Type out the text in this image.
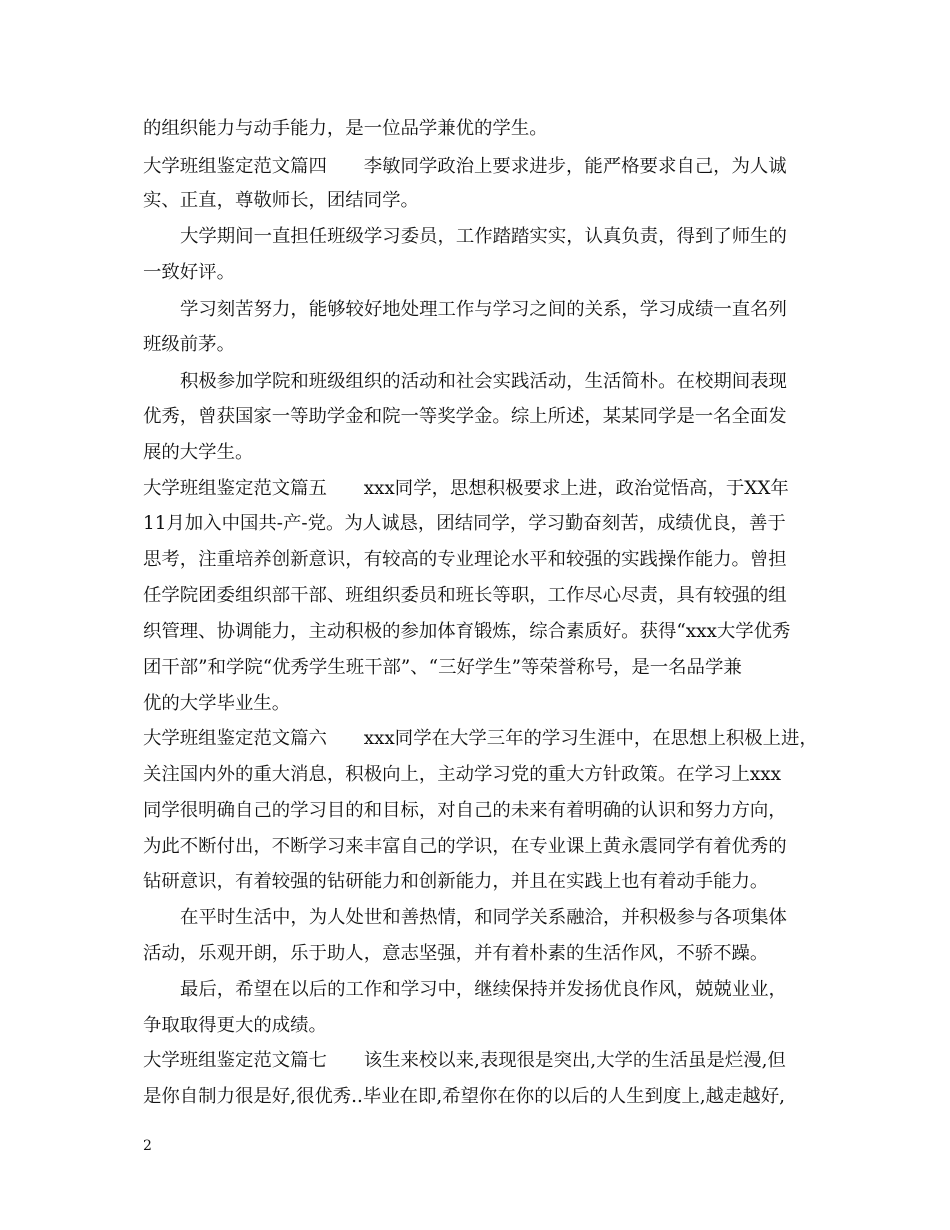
的组织能力与动手能力，是一位品学兼优的学生。
大学班组鉴定范文篇四　　李敏同学政治上要求进步，能严格要求自己，为人诚
实、正直，尊敬师长，团结同学。
大学期间一直担任班级学习委员，工作踏踏实实，认真负责，得到了师生的
一致好评。
学习刻苦努力，能够较好地处理工作与学习之间的关系，学习成绩一直名列
班级前茅。
积极参加学院和班级组织的活动和社会实践活动，生活简朴。在校期间表现
优秀，曾获国家一等助学金和院一等奖学金。综上所述，某某同学是一名全面发
展的大学生。
大学班组鉴定范文篇五　　xxx同学，思想积极要求上进，政治觉悟高，于XX年
11月加入中国共-产-党。为人诚恳，团结同学，学习勤奋刻苦，成绩优良，善于
思考，注重培养创新意识，有较高的专业理论水平和较强的实践操作能力。曾担
任学院团委组织部干部、班组织委员和班长等职，工作尽心尽责，具有较强的组
织管理、协调能力，主动积极的参加体育锻炼，综合素质好。获得“xxx大学优秀
团干部”和学院“优秀学生班干部”、“三好学生”等荣誉称号，是一名品学兼
优的大学毕业生。
大学班组鉴定范文篇六　　xxx同学在大学三年的学习生涯中，在思想上积极上进，
关注国内外的重大消息，积极向上，主动学习党的重大方针政策。在学习上xxx
同学很明确自己的学习目的和目标，对自己的未来有着明确的认识和努力方向，
为此不断付出，不断学习来丰富自己的学识，在专业课上黄永震同学有着优秀的
钻研意识，有着较强的钻研能力和创新能力，并且在实践上也有着动手能力。
在平时生活中，为人处世和善热情，和同学关系融洽，并积极参与各项集体
活动，乐观开朗，乐于助人，意志坚强，并有着朴素的生活作风，不骄不躁。
最后，希望在以后的工作和学习中，继续保持并发扬优良作风，兢兢业业，
争取取得更大的成绩。
大学班组鉴定范文篇七　　该生来校以来,表现很是突出,大学的生活虽是烂漫,但
是你自制力很是好,很优秀..毕业在即,希望你在你的以后的人生到度上,越走越好,
2
